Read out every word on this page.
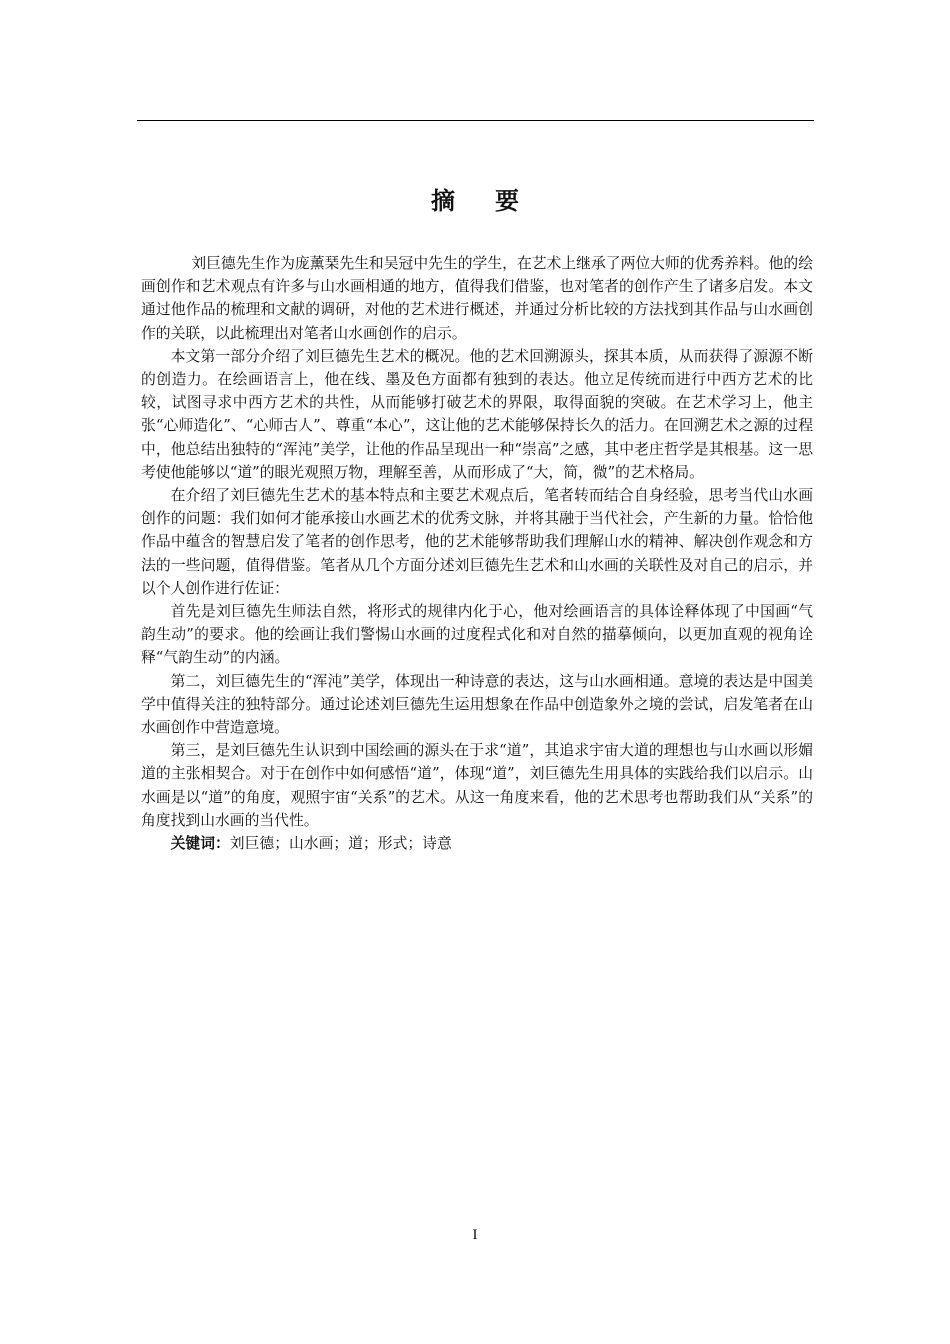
摘要

刘巨德先生作为庞薰琹先生和吴冠中先生的学生，在艺术上继承了两位大师的优秀养料。他的绘画创作和艺术观点有许多与山水画相通的地方，值得我们借鉴，也对笔者的创作产生了诸多启发。本文通过他作品的梳理和文献的调研，对他的艺术进行概述，并通过分析比较的方法找到其作品与山水画创作的关联，以此梳理出对笔者山水画创作的启示。

本文第一部分介绍了刘巨德先生艺术的概况。他的艺术回溯源头，探其本质，从而获得了源源不断的创造力。在绘画语言上，他在线、墨及色方面都有独到的表达。他立足传统而进行中西方艺术的比较，试图寻求中西方艺术的共性，从而能够打破艺术的界限，取得面貌的突破。在艺术学习上，他主张“心师造化”、“心师古人”、尊重“本心”，这让他的艺术能够保持长久的活力。在回溯艺术之源的过程中，他总结出独特的“浑沌”美学，让他的作品呈现出一种“崇高”之感，其中老庄哲学是其根基。这一思考使他能够以“道”的眼光观照万物，理解至善，从而形成了“大，简，微”的艺术格局。

在介绍了刘巨德先生艺术的基本特点和主要艺术观点后，笔者转而结合自身经验，思考当代山水画创作的问题：我们如何才能承接山水画艺术的优秀文脉，并将其融于当代社会，产生新的力量。恰恰他作品中蕴含的智慧启发了笔者的创作思考，他的艺术能够帮助我们理解山水的精神、解决创作观念和方法的一些问题，值得借鉴。笔者从几个方面分述刘巨德先生艺术和山水画的关联性及对自己的启示，并以个人创作进行佐证：

首先是刘巨德先生师法自然，将形式的规律内化于心，他对绘画语言的具体诠释体现了中国画“气韵生动”的要求。他的绘画让我们警惕山水画的过度程式化和对自然的描摹倾向，以更加直观的视角诠释“气韵生动”的内涵。

第二，刘巨德先生的“浑沌”美学，体现出一种诗意的表达，这与山水画相通。意境的表达是中国美学中值得关注的独特部分。通过论述刘巨德先生运用想象在作品中创造象外之境的尝试，启发笔者在山水画创作中营造意境。

第三，是刘巨德先生认识到中国绘画的源头在于求“道”，其追求宇宙大道的理想也与山水画以形媚道的主张相契合。对于在创作中如何感悟“道”，体现“道”，刘巨德先生用具体的实践给我们以启示。山水画是以“道”的角度，观照宇宙“关系”的艺术。从这一角度来看，他的艺术思考也帮助我们从“关系”的角度找到山水画的当代性。

关键词：刘巨德；山水画；道；形式；诗意

I
